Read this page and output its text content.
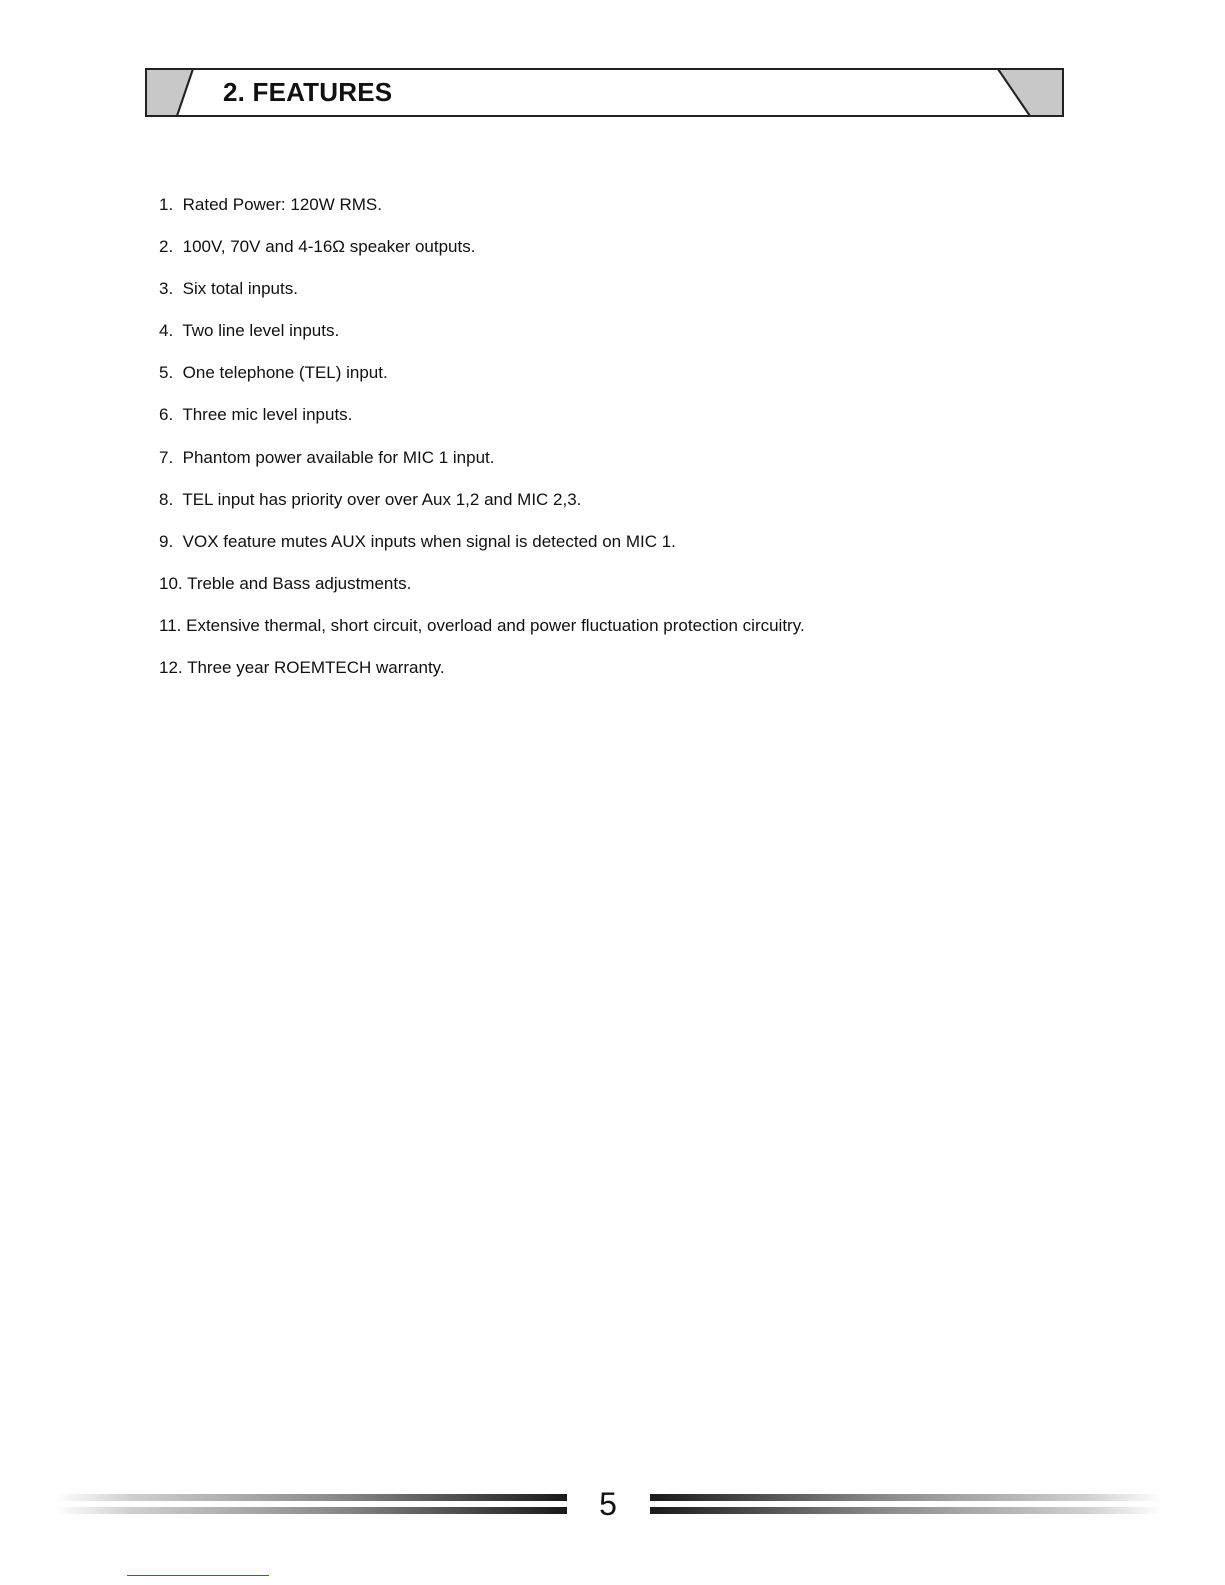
2. FEATURES
1. Rated Power: 120W RMS.
2. 100V, 70V and 4-16Ω speaker outputs.
3. Six total inputs.
4. Two line level inputs.
5. One telephone (TEL) input.
6. Three mic level inputs.
7. Phantom power available for MIC 1 input.
8. TEL input has priority over over Aux 1,2 and MIC 2,3.
9. VOX feature mutes AUX inputs when signal is detected on MIC 1.
10. Treble and Bass adjustments.
11. Extensive thermal, short circuit, overload and power fluctuation protection circuitry.
12. Three year ROEMTECH warranty.
5
